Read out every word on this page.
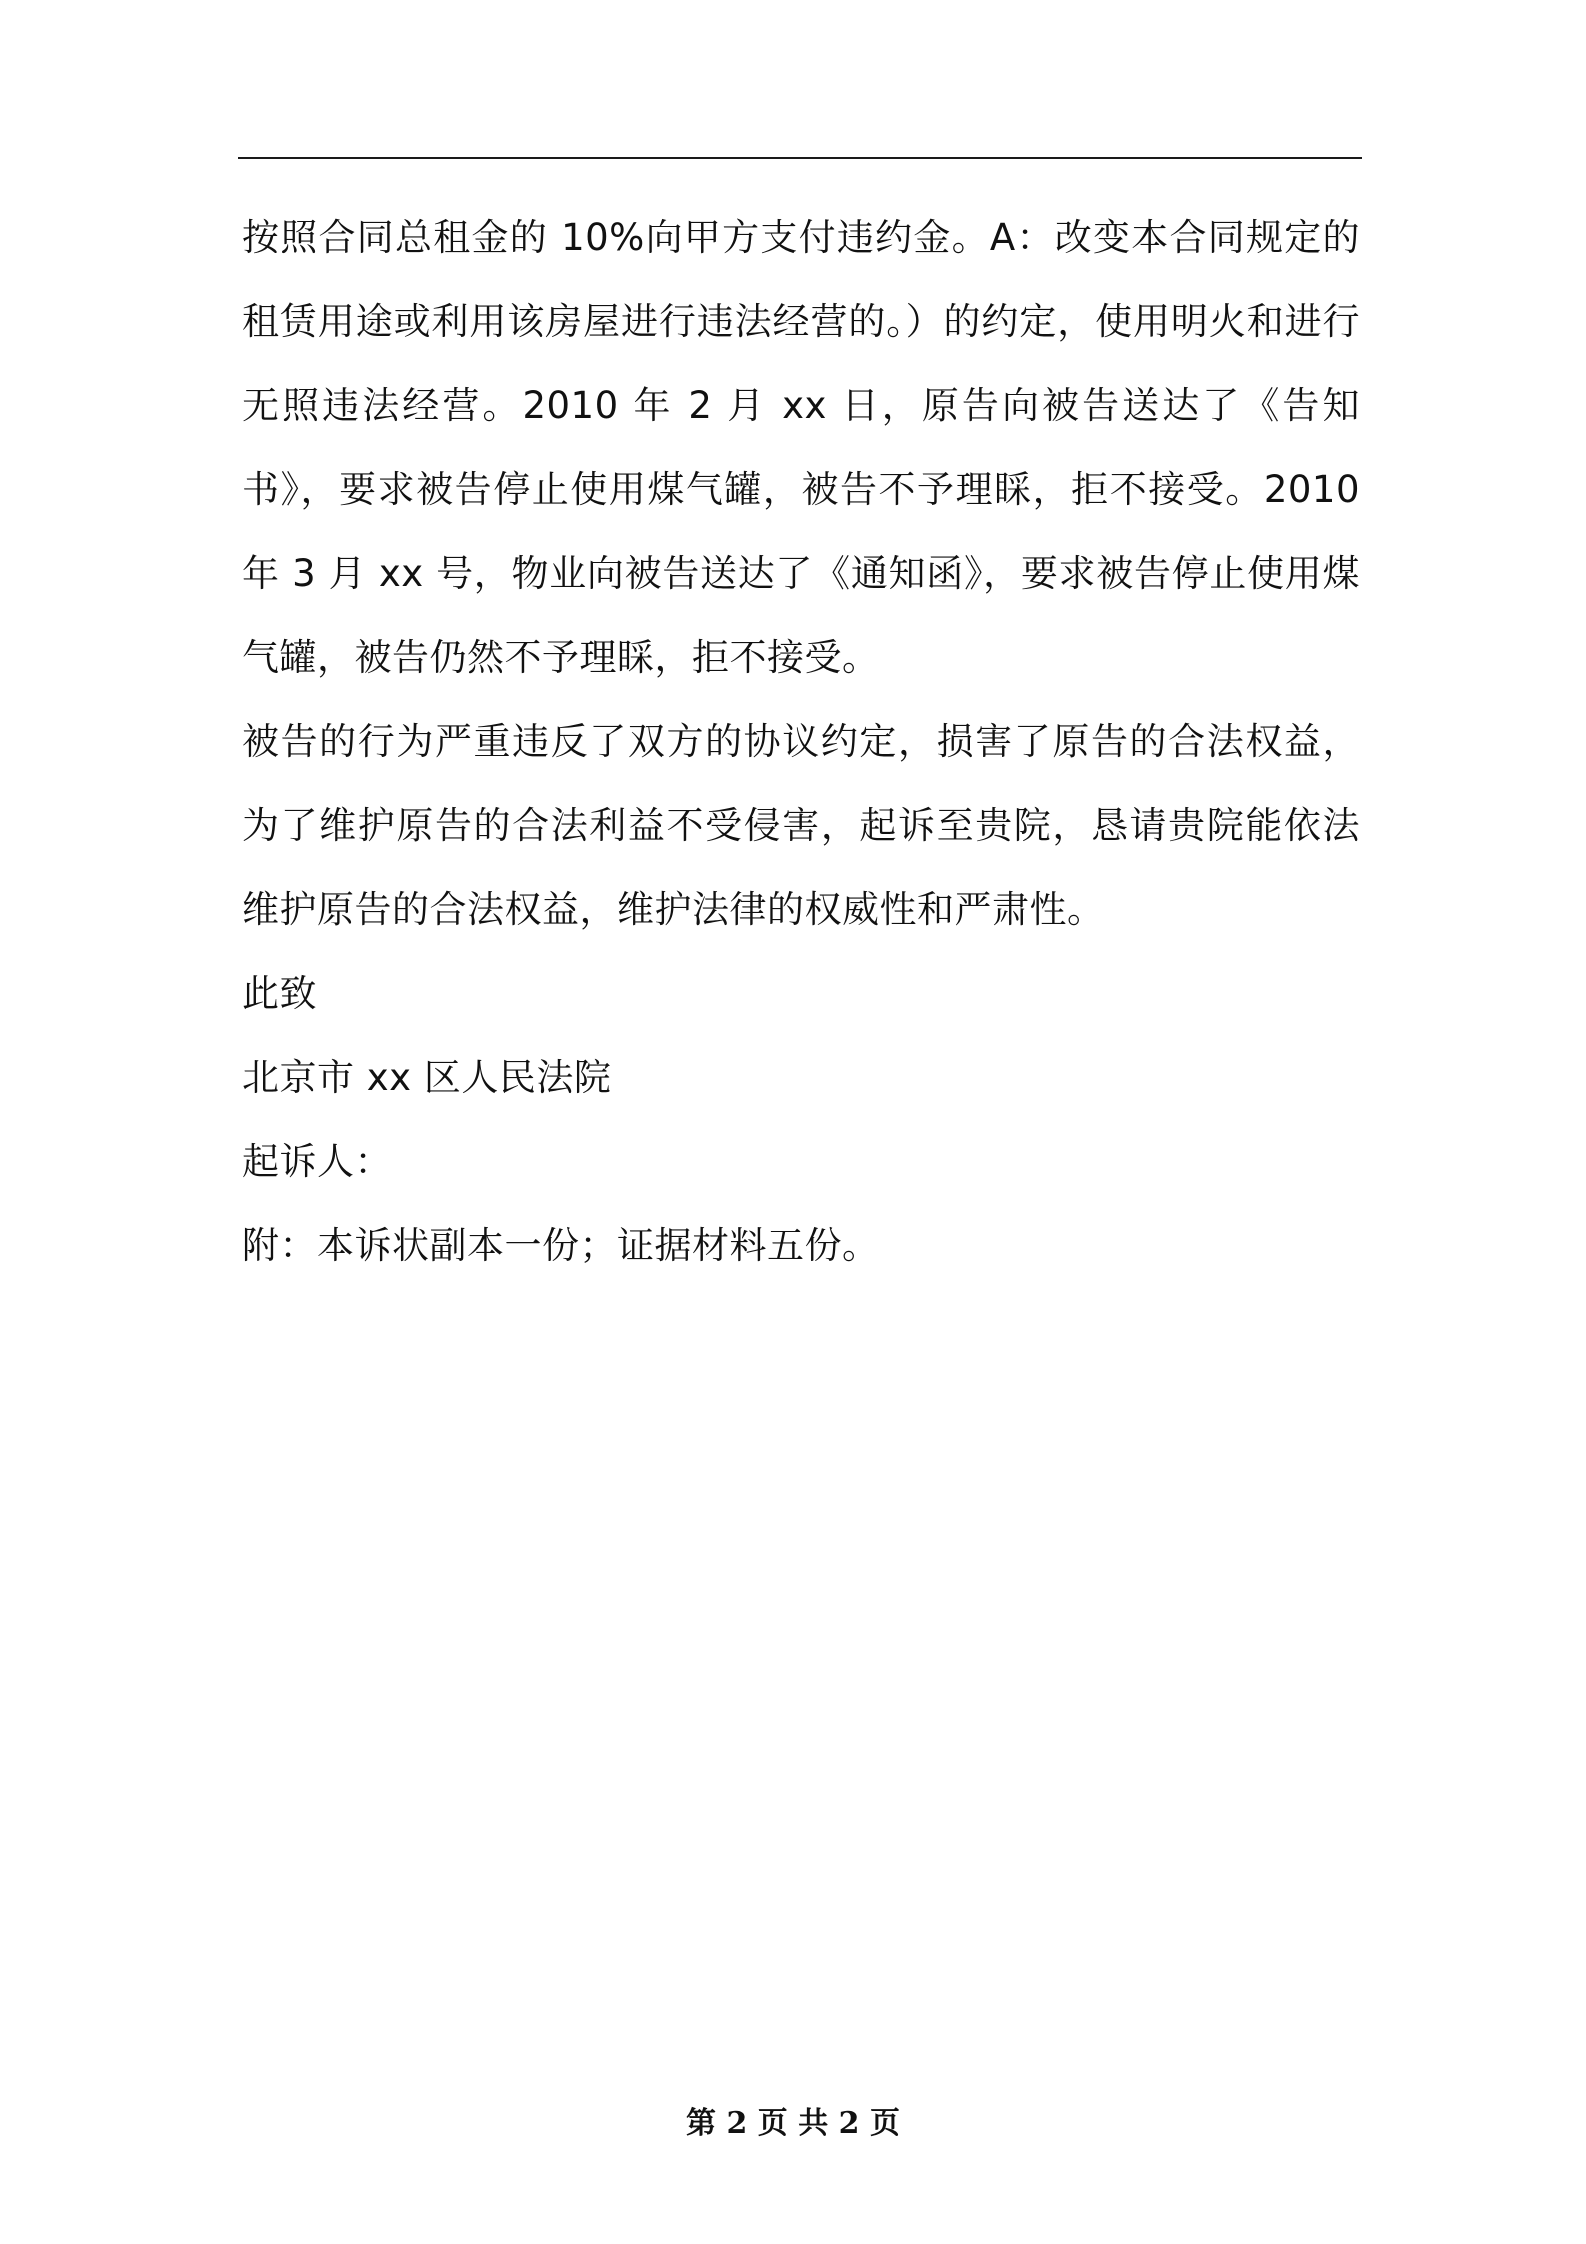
按照合同总租金的 10%向甲方支付违约金。A：改变本合同规定的租赁用途或利用该房屋进行违法经营的。）的约定，使用明火和进行无照违法经营。2010 年 2 月 xx 日，原告向被告送达了《告知书》，要求被告停止使用煤气罐，被告不予理睬，拒不接受。2010 年 3 月 xx 号，物业向被告送达了《通知函》，要求被告停止使用煤气罐，被告仍然不予理睬，拒不接受。

被告的行为严重违反了双方的协议约定，损害了原告的合法权益，为了维护原告的合法利益不受侵害，起诉至贵院，恳请贵院能依法维护原告的合法权益，维护法律的权威性和严肃性。

此致

北京市 xx 区人民法院

起诉人：

附：本诉状副本一份；证据材料五份。

第 2 页 共 2 页
